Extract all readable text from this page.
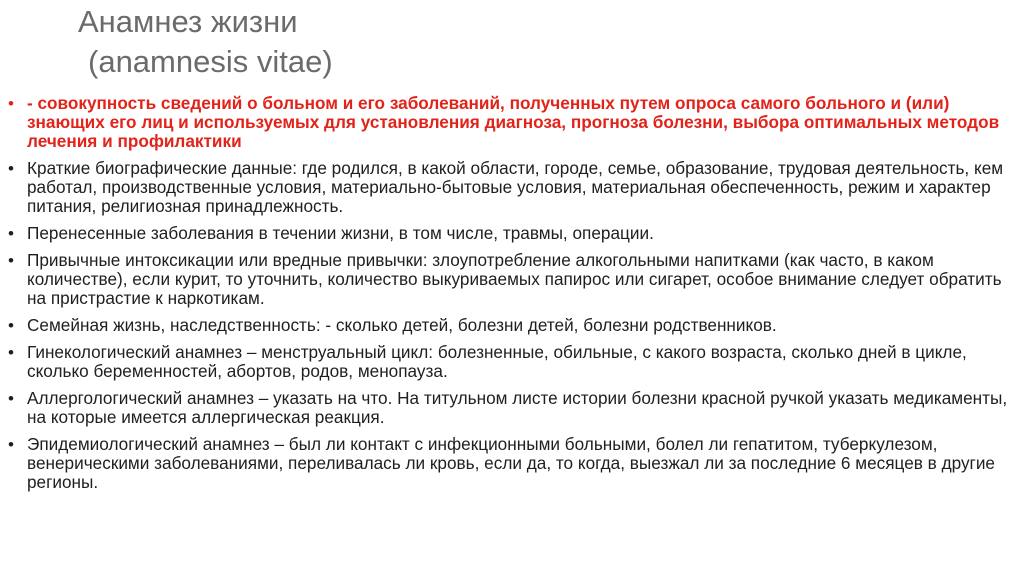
Анамнез жизни
(anamnesis vitae)
• - совокупность сведений о больном и его заболеваний, полученных путем опроса самого больного и (или) знающих его лиц и используемых для установления диагноза, прогноза болезни, выбора оптимальных методов лечения и профилактики
• Краткие биографические данные: где родился, в какой области, городе, семье, образование, трудовая деятельность, кем работал, производственные условия, материально-бытовые условия, материальная обеспеченность, режим и характер питания, религиозная принадлежность.
• Перенесенные заболевания в течении жизни, в том числе, травмы, операции.
• Привычные интоксикации или вредные привычки: злоупотребление алкогольными напитками (как часто, в каком количестве), если курит, то уточнить, количество выкуриваемых папирос или сигарет, особое внимание следует обратить на пристрастие к наркотикам.
• Семейная жизнь, наследственность: - сколько детей, болезни детей, болезни родственников.
• Гинекологический анамнез – менструальный цикл: болезненные, обильные, с какого возраста, сколько дней в цикле, сколько беременностей, абортов, родов, менопауза.
• Аллергологический анамнез – указать на что. На титульном листе истории болезни красной ручкой указать медикаменты, на которые имеется аллергическая реакция.
• Эпидемиологический анамнез – был ли контакт с инфекционными больными, болел ли гепатитом, туберкулезом, венерическими заболеваниями, переливалась ли кровь, если да, то когда, выезжал ли за последние 6 месяцев в другие регионы.
